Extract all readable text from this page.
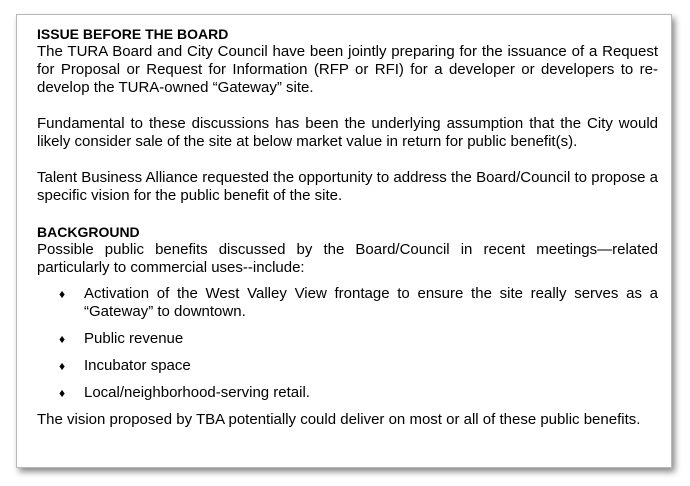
ISSUE BEFORE THE BOARD

The TURA Board and City Council have been jointly preparing for the issuance of a Request for Proposal or Request for Information (RFP or RFI) for a developer or developers to re-develop the TURA-owned “Gateway” site.

Fundamental to these discussions has been the underlying assumption that the City would likely consider sale of the site at below market value in return for public benefit(s).

Talent Business Alliance requested the opportunity to address the Board/Council to propose a specific vision for the public benefit of the site.

BACKGROUND

Possible public benefits discussed by the Board/Council in recent meetings—related particularly to commercial uses--include:

♦ Activation of the West Valley View frontage to ensure the site really serves as a “Gateway” to downtown.
♦ Public revenue
♦ Incubator space
♦ Local/neighborhood-serving retail.

The vision proposed by TBA potentially could deliver on most or all of these public benefits.
